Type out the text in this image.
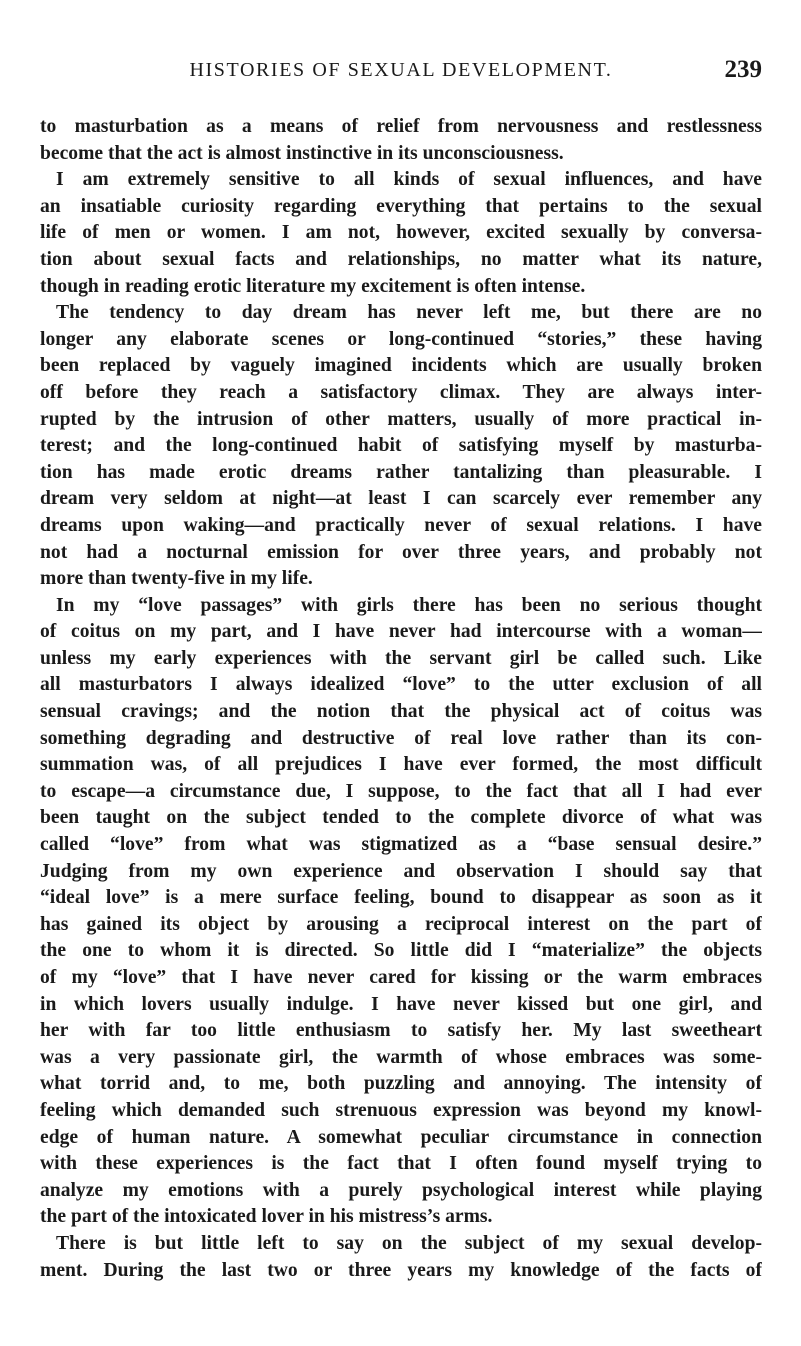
HISTORIES OF SEXUAL DEVELOPMENT.	239
to masturbation as a means of relief from nervousness and restlessness
become that the act is almost instinctive in its unconsciousness.
I am extremely sensitive to all kinds of sexual influences, and have
an insatiable curiosity regarding everything that pertains to the sexual
life of men or women. I am not, however, excited sexually by conversa-
tion about sexual facts and relationships, no matter what its nature,
though in reading erotic literature my excitement is often intense.
The tendency to day dream has never left me, but there are no
longer any elaborate scenes or long-continued “stories,” these having
been replaced by vaguely imagined incidents which are usually broken
off before they reach a satisfactory climax. They are always inter-
rupted by the intrusion of other matters, usually of more practical in-
terest; and the long-continued habit of satisfying myself by masturba-
tion has made erotic dreams rather tantalizing than pleasurable. I
dream very seldom at night—at least I can scarcely ever remember any
dreams upon waking—and practically never of sexual relations. I have
not had a nocturnal emission for over three years, and probably not
more than twenty-five in my life.
In my “love passages” with girls there has been no serious thought
of coitus on my part, and I have never had intercourse with a woman—
unless my early experiences with the servant girl be called such. Like
all masturbators I always idealized “love” to the utter exclusion of all
sensual cravings; and the notion that the physical act of coitus was
something degrading and destructive of real love rather than its con-
summation was, of all prejudices I have ever formed, the most difficult
to escape—a circumstance due, I suppose, to the fact that all I had ever
been taught on the subject tended to the complete divorce of what was
called “love” from what was stigmatized as a “base sensual desire.”
Judging from my own experience and observation I should say that
“ideal love” is a mere surface feeling, bound to disappear as soon as it
has gained its object by arousing a reciprocal interest on the part of
the one to whom it is directed. So little did I “materialize” the objects
of my “love” that I have never cared for kissing or the warm embraces
in which lovers usually indulge. I have never kissed but one girl, and
her with far too little enthusiasm to satisfy her. My last sweetheart
was a very passionate girl, the warmth of whose embraces was some-
what torrid and, to me, both puzzling and annoying. The intensity of
feeling which demanded such strenuous expression was beyond my knowl-
edge of human nature. A somewhat peculiar circumstance in connection
with these experiences is the fact that I often found myself trying to
analyze my emotions with a purely psychological interest while playing
the part of the intoxicated lover in his mistress’s arms.
There is but little left to say on the subject of my sexual develop-
ment. During the last two or three years my knowledge of the facts of
